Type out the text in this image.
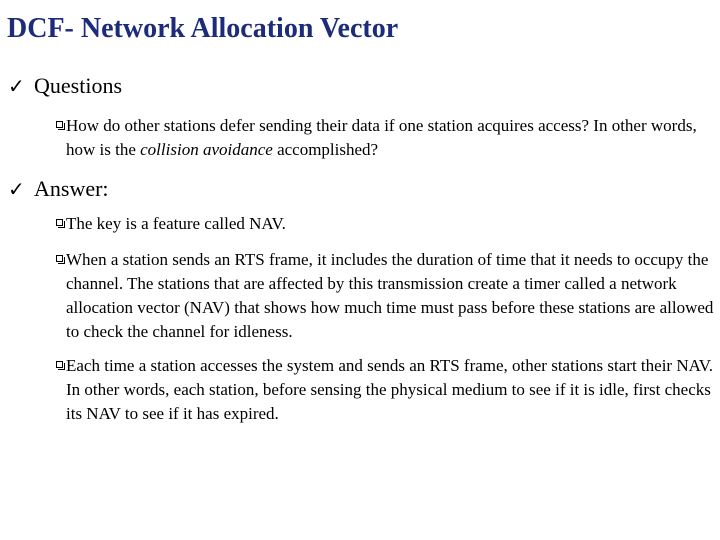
DCF- Network Allocation Vector
✓ Questions
How do other stations defer sending their data if one station acquires access? In other words, how is the collision avoidance accomplished?
✓ Answer:
The key is a feature called NAV.
When a station sends an RTS frame, it includes the duration of time that it needs to occupy the channel. The stations that are affected by this transmission create a timer called a network allocation vector (NAV) that shows how much time must pass before these stations are allowed to check the channel for idleness.
Each time a station accesses the system and sends an RTS frame, other stations start their NAV. In other words, each station, before sensing the physical medium to see if it is idle, first checks its NAV to see if it has expired.
